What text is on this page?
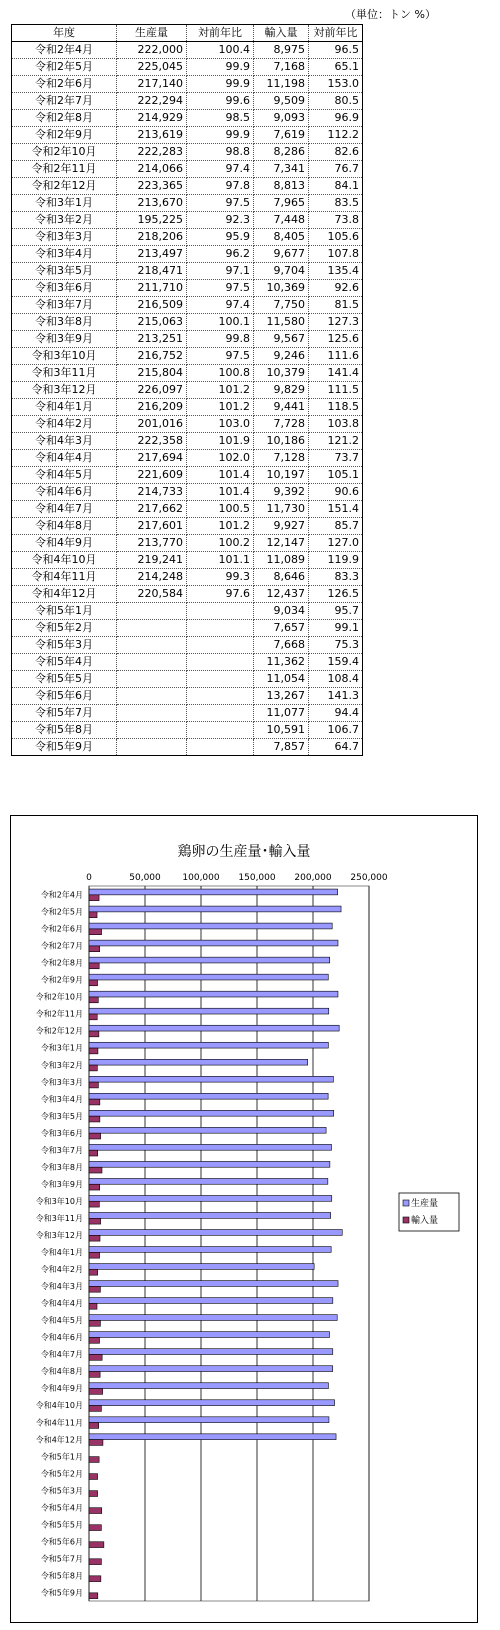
（単位：トン %）
年度	生産量	対前年比	輸入量	対前年比
令和2年4月	222,000	100.4	8,975	96.5
令和2年5月	225,045	99.9	7,168	65.1
令和2年6月	217,140	99.9	11,198	153.0
令和2年7月	222,294	99.6	9,509	80.5
令和2年8月	214,929	98.5	9,093	96.9
令和2年9月	213,619	99.9	7,619	112.2
令和2年10月	222,283	98.8	8,286	82.6
令和2年11月	214,066	97.4	7,341	76.7
令和2年12月	223,365	97.8	8,813	84.1
令和3年1月	213,670	97.5	7,965	83.5
令和3年2月	195,225	92.3	7,448	73.8
令和3年3月	218,206	95.9	8,405	105.6
令和3年4月	213,497	96.2	9,677	107.8
令和3年5月	218,471	97.1	9,704	135.4
令和3年6月	211,710	97.5	10,369	92.6
令和3年7月	216,509	97.4	7,750	81.5
令和3年8月	215,063	100.1	11,580	127.3
令和3年9月	213,251	99.8	9,567	125.6
令和3年10月	216,752	97.5	9,246	111.6
令和3年11月	215,804	100.8	10,379	141.4
令和3年12月	226,097	101.2	9,829	111.5
令和4年1月	216,209	101.2	9,441	118.5
令和4年2月	201,016	103.0	7,728	103.8
令和4年3月	222,358	101.9	10,186	121.2
令和4年4月	217,694	102.0	7,128	73.7
令和4年5月	221,609	101.4	10,197	105.1
令和4年6月	214,733	101.4	9,392	90.6
令和4年7月	217,662	100.5	11,730	151.4
令和4年8月	217,601	101.2	9,927	85.7
令和4年9月	213,770	100.2	12,147	127.0
令和4年10月	219,241	101.1	11,089	119.9
令和4年11月	214,248	99.3	8,646	83.3
令和4年12月	220,584	97.6	12,437	126.5
令和5年1月			9,034	95.7
令和5年2月			7,657	99.1
令和5年3月			7,668	75.3
令和5年4月			11,362	159.4
令和5年5月			11,054	108.4
令和5年6月			13,267	141.3
令和5年7月			11,077	94.4
令和5年8月			10,591	106.7
令和5年9月			7,857	64.7
鶏卵の生産量･輸入量
0	50,000 100,000 150,000 200,000 250,000
令和2年4月
令和2年5月
令和2年6月
令和2年7月
令和2年8月
令和2年9月
令和2年10月
令和2年11月
令和2年12月
令和3年1月
令和3年2月
令和3年3月
令和3年4月
令和3年5月
令和3年6月
令和3年7月
令和3年8月
令和3年9月
令和3年10月
令和3年11月
令和3年12月
令和4年1月
令和4年2月
令和4年3月
令和4年4月
令和4年5月
令和4年6月
令和4年7月
令和4年8月
令和4年9月
令和4年10月
令和4年11月
令和4年12月
令和5年1月
令和5年2月
令和5年3月
令和5年4月
令和5年5月
令和5年6月
令和5年7月
令和5年8月
令和5年9月
生産量
輸入量
